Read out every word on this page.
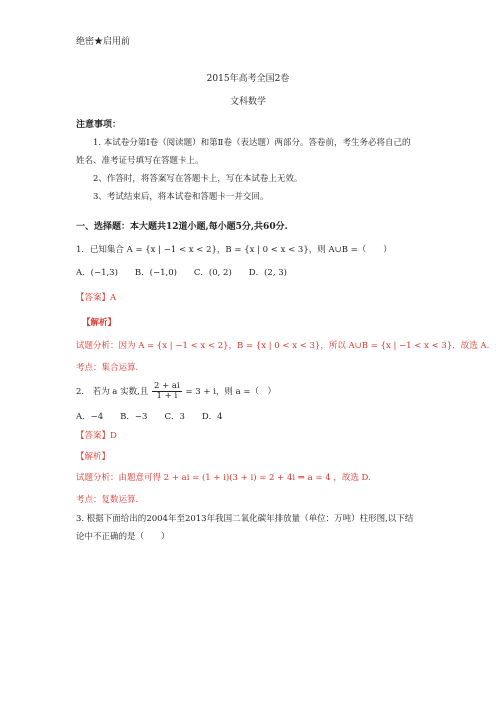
绝密★启用前
2015年高考全国2卷
文科数学
注意事项：
1. 本试卷分第Ⅰ卷（阅读题）和第Ⅱ卷（表达题）两部分。答卷前，考生务必将自己的
姓名、准考证号填写在答题卡上。
2、作答时，将答案写在答题卡上，写在本试卷上无效。
3、考试结束后，将本试卷和答题卡一并交回。
一、选择题：本大题共12道小题,每小题5分,共60分.
1．已知集合 A = {x | −1 < x < 2}，B = {x | 0 < x < 3}，则 A∪B =（　　）
A．(−1,3)　　B．(−1,0)　　C．(0, 2)　　D．(2, 3)
【答案】A
【解析】
试题分析：因为 A = {x | −1 < x < 2}，B = {x | 0 < x < 3}，所以 A∪B = {x | −1 < x < 3}．故选 A.
考点：集合运算.
2.　若为 a 实数,且 $\frac{2 + ai}{1 + i} = 3 + i$，则 a =（　）
A．−4　　B．−3　　C．3　　D．4
【答案】D
【解析】
试题分析：由题意可得 2 + ai = (1 + i)(3 + i) = 2 + 4i ⇒ a = 4 ，故选 D.
考点：复数运算.
3. 根据下面给出的2004年至2013年我国二氧化碳年排放量（单位：万吨）柱形图,以下结
论中不正确的是（　　）
